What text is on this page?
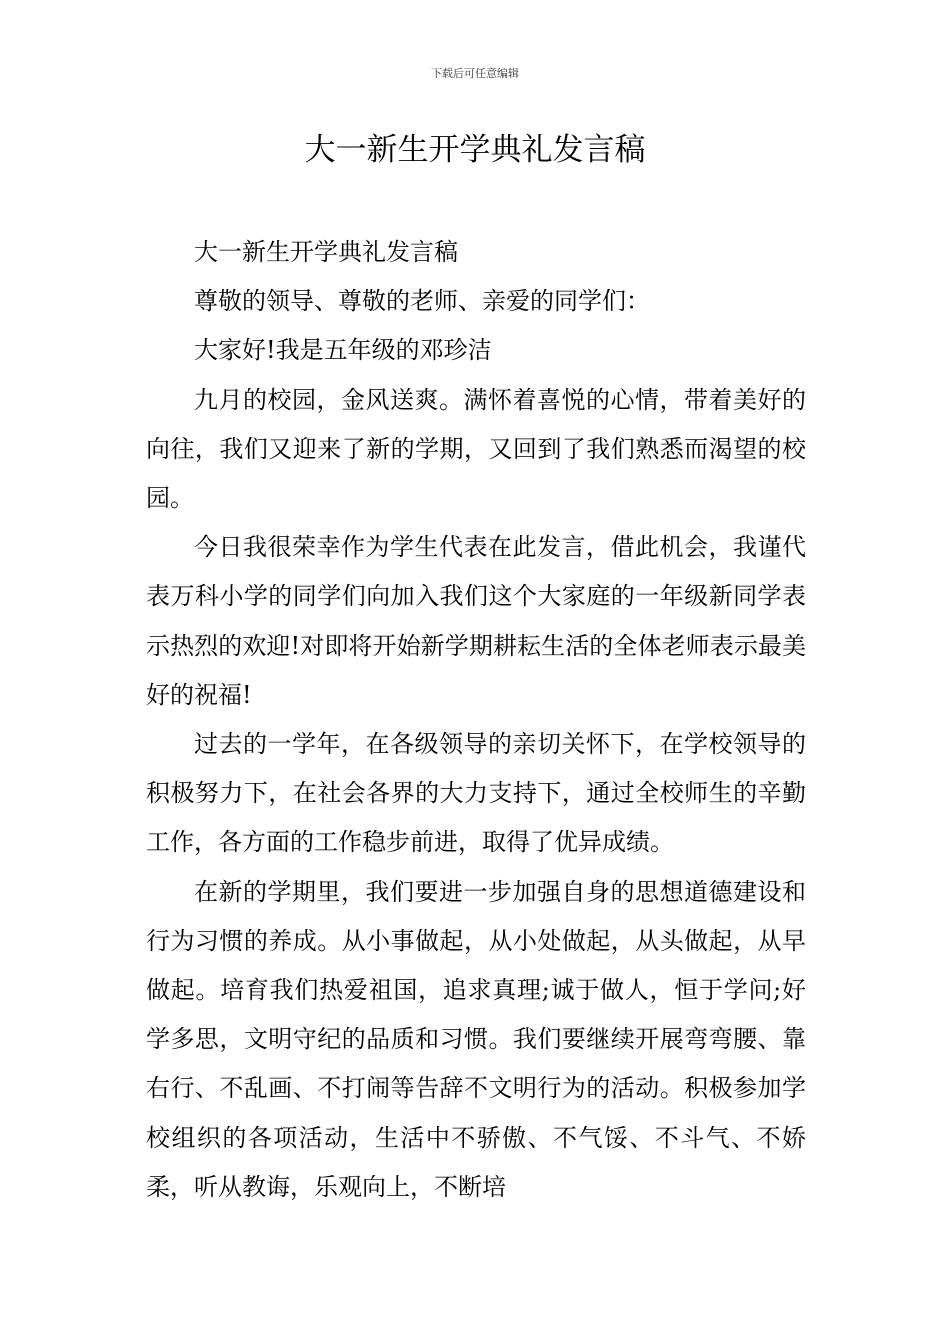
下载后可任意编辑
大一新生开学典礼发言稿

大一新生开学典礼发言稿

尊敬的领导、尊敬的老师、亲爱的同学们：

大家好!我是五年级的邓珍洁

九月的校园，金风送爽。满怀着喜悦的心情，带着美好的向往，我们又迎来了新的学期，又回到了我们熟悉而渴望的校园。

今日我很荣幸作为学生代表在此发言，借此机会，我谨代表万科小学的同学们向加入我们这个大家庭的一年级新同学表示热烈的欢迎!对即将开始新学期耕耘生活的全体老师表示最美好的祝福!

过去的一学年，在各级领导的亲切关怀下，在学校领导的积极努力下，在社会各界的大力支持下，通过全校师生的辛勤工作，各方面的工作稳步前进，取得了优异成绩。

在新的学期里，我们要进一步加强自身的思想道德建设和行为习惯的养成。从小事做起，从小处做起，从头做起，从早做起。培育我们热爱祖国，追求真理;诚于做人，恒于学问;好学多思，文明守纪的品质和习惯。我们要继续开展弯弯腰、靠右行、不乱画、不打闹等告辞不文明行为的活动。积极参加学校组织的各项活动，生活中不骄傲、不气馁、不斗气、不娇柔，听从教诲，乐观向上，不断培
